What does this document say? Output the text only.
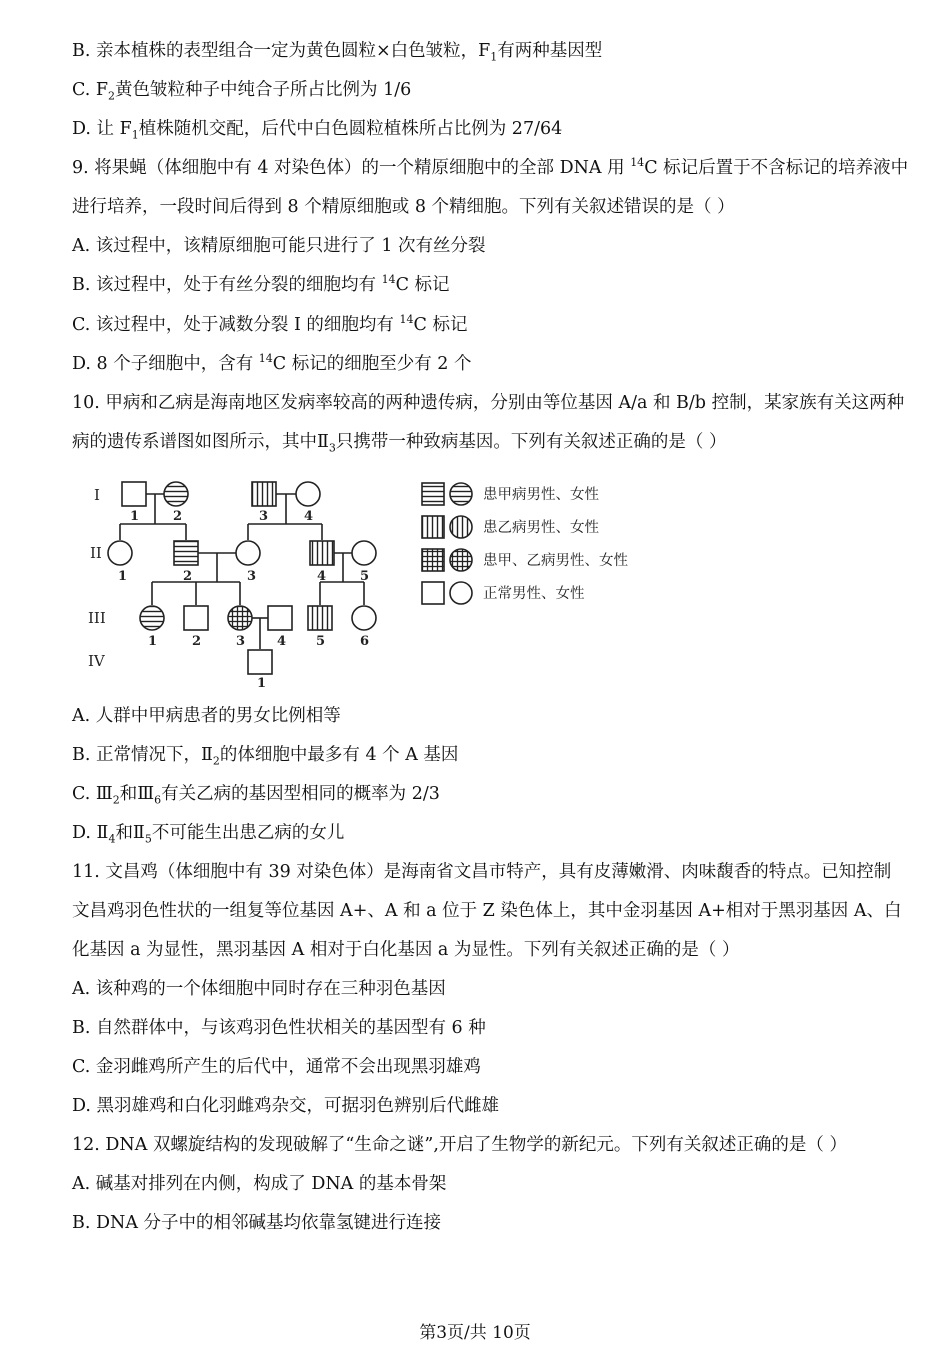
B. 亲本植株的表型组合一定为黄色圆粒×白色皱粒，$F_1$有两种基因型
C. $F_2$黄色皱粒种子中纯合子所占比例为 1/6
D. 让 $F_1$植株随机交配，后代中白色圆粒植株所占比例为 27/64
9. 将果蝇（体细胞中有 4 对染色体）的一个精原细胞中的全部 DNA 用 $^{14}$C 标记后置于不含标记的培养液中
进行培养，一段时间后得到 8 个精原细胞或 8 个精细胞。下列有关叙述错误的是（ ）
A. 该过程中，该精原细胞可能只进行了 1 次有丝分裂
B. 该过程中，处于有丝分裂的细胞均有 $^{14}$C 标记
C. 该过程中，处于减数分裂 I 的细胞均有 $^{14}$C 标记
D. 8 个子细胞中，含有 $^{14}$C 标记的细胞至少有 2 个
10. 甲病和乙病是海南地区发病率较高的两种遗传病，分别由等位基因 A/a 和 B/b 控制，某家族有关这两种
病的遗传系谱图如图所示，其中$Ⅱ_3$只携带一种致病基因。下列有关叙述正确的是（ ）
I
II
III
IV
1	2	3	4
1	2	3	4	5
1	2	3 4 5	6
1
患甲病男性、女性
患乙病男性、女性
患甲、乙病男性、女性
正常男性、女性
A. 人群中甲病患者的男女比例相等
B. 正常情况下，$Ⅱ_2$的体细胞中最多有 4 个 A 基因
C. $Ⅲ_2$和$Ⅲ_6$有关乙病的基因型相同的概率为 2/3
D. $Ⅱ_4$和$Ⅱ_5$不可能生出患乙病的女儿
11. 文昌鸡（体细胞中有 39 对染色体）是海南省文昌市特产，具有皮薄嫩滑、肉味馥香的特点。已知控制
文昌鸡羽色性状的一组复等位基因 A+、A 和 a 位于 Z 染色体上，其中金羽基因 A+相对于黑羽基因 A、白
化基因 a 为显性，黑羽基因 A 相对于白化基因 a 为显性。下列有关叙述正确的是（ ）
A. 该种鸡的一个体细胞中同时存在三种羽色基因
B. 自然群体中，与该鸡羽色性状相关的基因型有 6 种
C. 金羽雌鸡所产生的后代中，通常不会出现黑羽雄鸡
D. 黑羽雄鸡和白化羽雌鸡杂交，可据羽色辨别后代雌雄
12. DNA 双螺旋结构的发现破解了“生命之谜”,开启了生物学的新纪元。下列有关叙述正确的是（ ）
A. 碱基对排列在内侧，构成了 DNA 的基本骨架
B. DNA 分子中的相邻碱基均依靠氢键进行连接
第3页/共 10页
